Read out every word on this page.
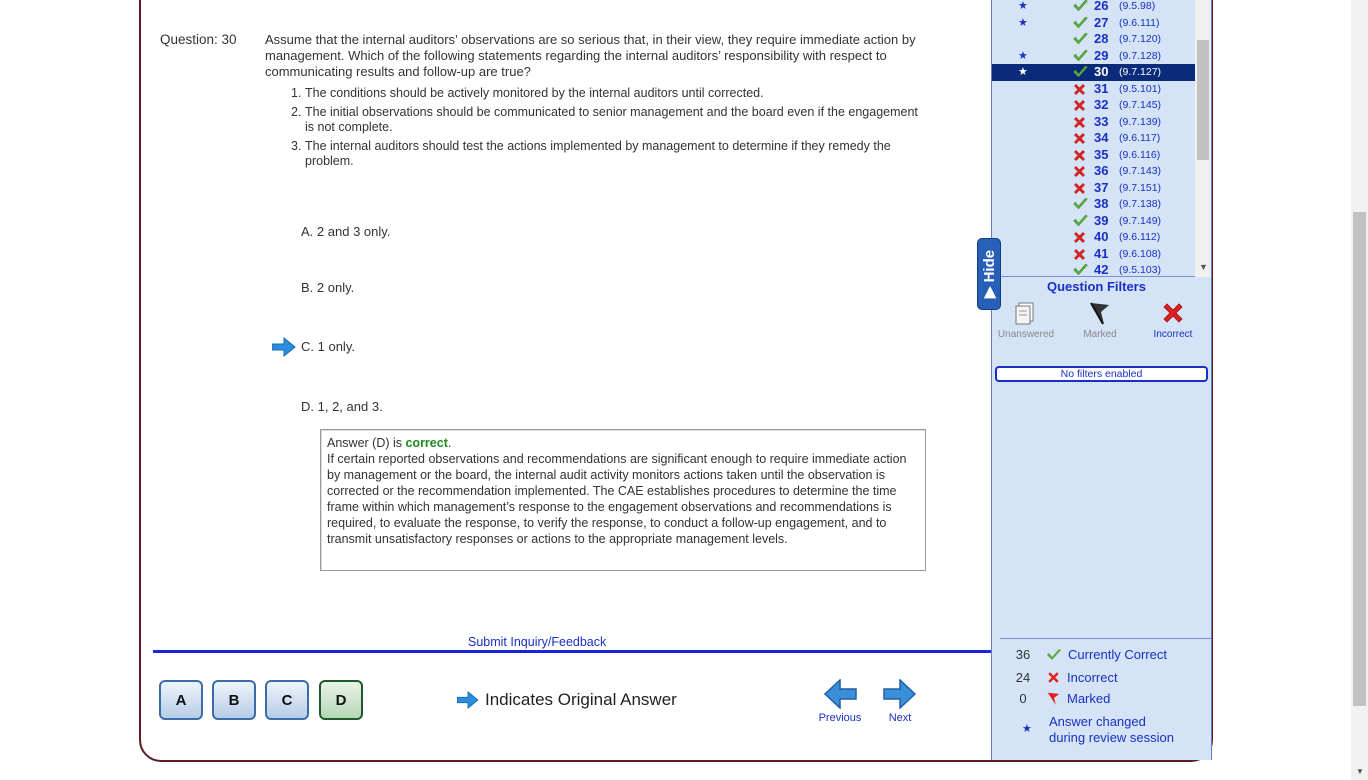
Question: 30 Assume that the internal auditors’ observations are so serious that, in their view, they require immediate action by management. Which of the following statements regarding the internal auditors’ responsibility with respect to communicating results and follow-up are true?
1. The conditions should be actively monitored by the internal auditors until corrected.
2. The initial observations should be communicated to senior management and the board even if the engagement is not complete.
3. The internal auditors should test the actions implemented by management to determine if they remedy the problem.
A. 2 and 3 only.
B. 2 only.
C. 1 only.
D. 1, 2, and 3.
Answer (D) is correct.
If certain reported observations and recommendations are significant enough to require immediate action by management or the board, the internal audit activity monitors actions taken until the observation is corrected or the recommendation implemented. The CAE establishes procedures to determine the time frame within which management’s response to the engagement observations and recommendations is required, to evaluate the response, to verify the response, to conduct a follow-up engagement, and to transmit unsatisfactory responses or actions to the appropriate management levels.
Submit Inquiry/Feedback
A	B	C	D	Indicates Original Answer
Previous	Next
★	26 (9.5.98)
★	27 (9.6.111)
28 (9.7.120)
★	29 (9.7.128)
★	30 (9.7.127)
31 (9.5.101)
32 (9.7.145)
33 (9.7.139)
34 (9.6.117)
35 (9.6.116)
36 (9.7.143)
37 (9.7.151)
38 (9.7.138)
39 (9.7.149)
40 (9.6.112)
41 (9.6.108)
42 (9.5.103)	▼
▶ Hide	Question Filters
Unanswered	Marked	Incorrect
No filters enabled
36	Currently Correct
24	Incorrect
0	Marked
★ Answer changed
during review session
▼
